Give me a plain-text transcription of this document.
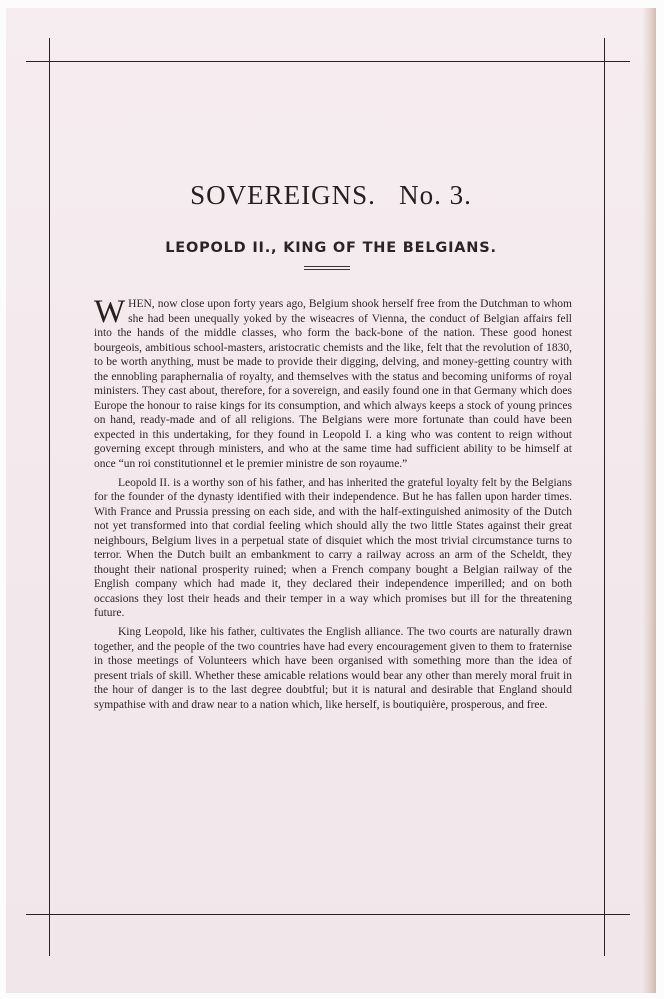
SOVEREIGNS.   No. 3.
LEOPOLD II., KING OF THE BELGIANS.

WHEN, now close upon forty years ago, Belgium shook herself free from the Dutchman to whom she had been unequally yoked by the wiseacres of Vienna, the conduct of Belgian affairs fell into the hands of the middle classes, who form the back-bone of the nation. These good honest bourgeois, ambitious school-masters, aristocratic chemists and the like, felt that the revolution of 1830, to be worth anything, must be made to provide their digging, delving, and money-getting country with the ennobling paraphernalia of royalty, and themselves with the status and becoming uniforms of royal ministers. They cast about, therefore, for a sovereign, and easily found one in that Germany which does Europe the honour to raise kings for its consumption, and which always keeps a stock of young princes on hand, ready-made and of all religions. The Belgians were more fortunate than could have been expected in this undertaking, for they found in Leopold I. a king who was content to reign without governing except through ministers, and who at the same time had sufficient ability to be himself at once “un roi constitutionnel et le premier ministre de son royaume.”

Leopold II. is a worthy son of his father, and has inherited the grateful loyalty felt by the Belgians for the founder of the dynasty identified with their independence. But he has fallen upon harder times. With France and Prussia pressing on each side, and with the half-extinguished animosity of the Dutch not yet transformed into that cordial feeling which should ally the two little States against their great neighbours, Belgium lives in a perpetual state of disquiet which the most trivial circumstance turns to terror. When the Dutch built an embankment to carry a railway across an arm of the Scheldt, they thought their national prosperity ruined; when a French company bought a Belgian railway of the English company which had made it, they declared their independence imperilled; and on both occasions they lost their heads and their temper in a way which promises but ill for the threatening future.

King Leopold, like his father, cultivates the English alliance. The two courts are naturally drawn together, and the people of the two countries have had every encouragement given to them to fraternise in those meetings of Volunteers which have been organised with something more than the idea of present trials of skill. Whether these amicable relations would bear any other than merely moral fruit in the hour of danger is to the last degree doubtful; but it is natural and desirable that England should sympathise with and draw near to a nation which, like herself, is boutiquière, prosperous, and free.
